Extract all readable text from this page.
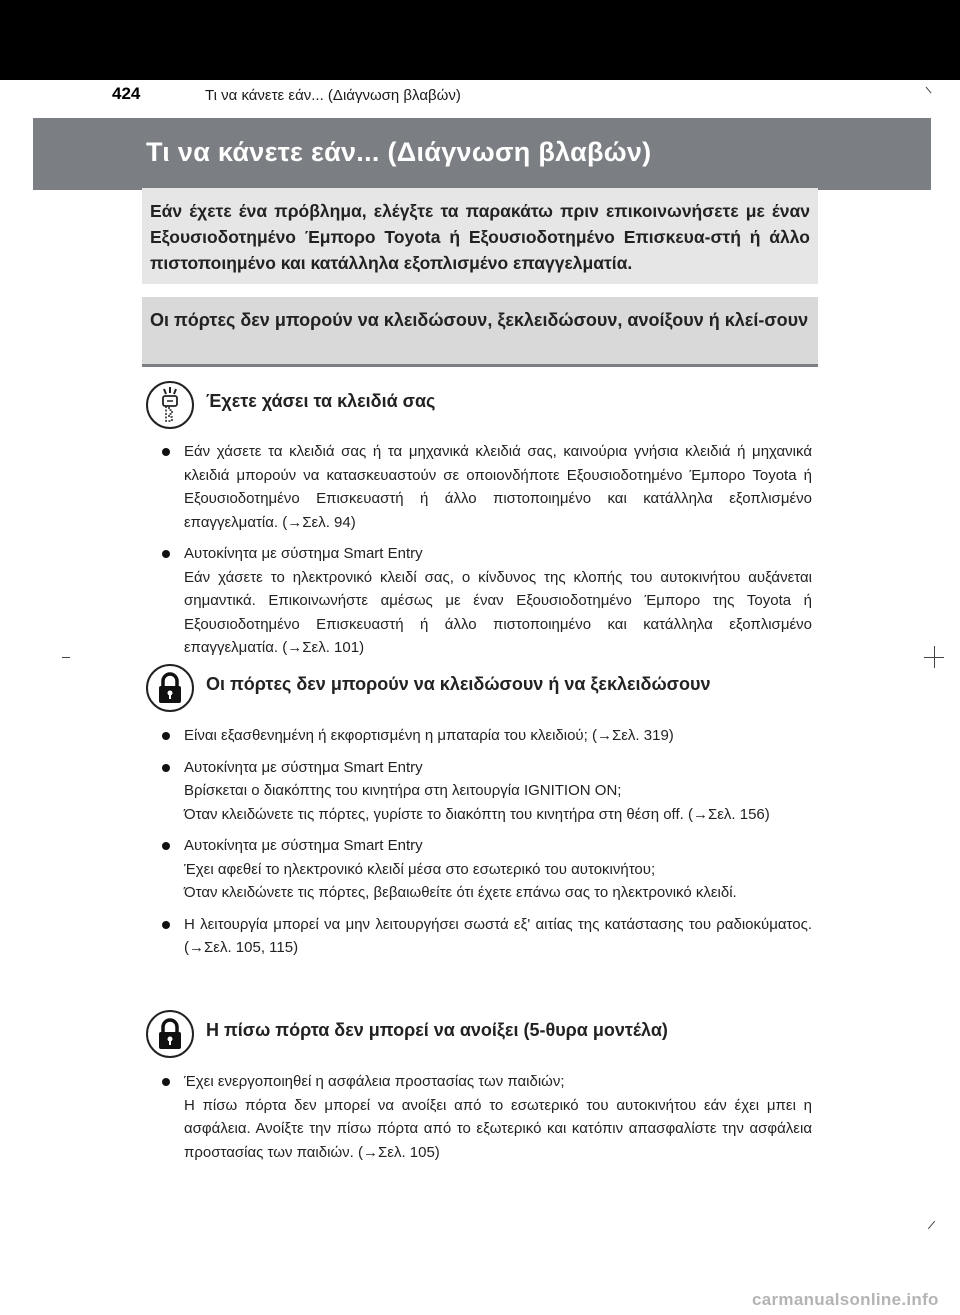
424	Τι να κάνετε εάν... (Διάγνωση βλαβών)
Τι να κάνετε εάν... (Διάγνωση βλαβών)

Εάν έχετε ένα πρόβλημα, ελέγξτε τα παρακάτω πριν επικοινωνήσετε με έναν Εξουσιοδοτημένο Έμπορο Toyota ή Εξουσιοδοτημένο Επισκευα-στή ή άλλο πιστοποιημένο και κατάλληλα εξοπλισμένο επαγγελματία.

Οι πόρτες δεν μπορούν να κλειδώσουν, ξεκλειδώσουν, ανοίξουν ή κλεί-σουν

Έχετε χάσει τα κλειδιά σας
Εάν χάσετε τα κλειδιά σας ή τα μηχανικά κλειδιά σας, καινούρια γνήσια κλειδιά ή μηχανικά κλειδιά μπορούν να κατασκευαστούν σε οποιονδήποτε Εξουσιοδοτημένο Έμπορο Toyota ή Εξουσιοδοτημένο Επισκευαστή ή άλλο πιστοποιημένο και κατάλληλα εξοπλισμένο επαγγελματία. (→Σελ. 94)
Αυτοκίνητα με σύστημα Smart Entry
Εάν χάσετε το ηλεκτρονικό κλειδί σας, ο κίνδυνος της κλοπής του αυτοκινήτου αυξάνεται σημαντικά. Επικοινωνήστε αμέσως με έναν Εξουσιοδοτημένο Έμπορο της Toyota ή Εξουσιοδοτημένο Επισκευαστή ή άλλο πιστοποιημένο και κατάλληλα εξοπλισμένο επαγγελματία. (→Σελ. 101)
Οι πόρτες δεν μπορούν να κλειδώσουν ή να ξεκλειδώσουν
Είναι εξασθενημένη ή εκφορτισμένη η μπαταρία του κλειδιού; (→Σελ. 319)
Αυτοκίνητα με σύστημα Smart Entry
Βρίσκεται ο διακόπτης του κινητήρα στη λειτουργία IGNITION ON;
Όταν κλειδώνετε τις πόρτες, γυρίστε το διακόπτη του κινητήρα στη θέση off. (→Σελ. 156)
Αυτοκίνητα με σύστημα Smart Entry
Έχει αφεθεί το ηλεκτρονικό κλειδί μέσα στο εσωτερικό του αυτοκινήτου;
Όταν κλειδώνετε τις πόρτες, βεβαιωθείτε ότι έχετε επάνω σας το ηλεκτρονικό κλειδί.
Η λειτουργία μπορεί να μην λειτουργήσει σωστά εξ' αιτίας της κατάστασης του ραδιοκύματος. (→Σελ. 105, 115)
Η πίσω πόρτα δεν μπορεί να ανοίξει (5-θυρα μοντέλα)
Έχει ενεργοποιηθεί η ασφάλεια προστασίας των παιδιών;
Η πίσω πόρτα δεν μπορεί να ανοίξει από το εσωτερικό του αυτοκινήτου εάν έχει μπει η ασφάλεια. Ανοίξτε την πίσω πόρτα από το εξωτερικό και κατόπιν απασφαλίστε την ασφάλεια προστασίας των παιδιών. (→Σελ. 105)
carmanualsonline.info
